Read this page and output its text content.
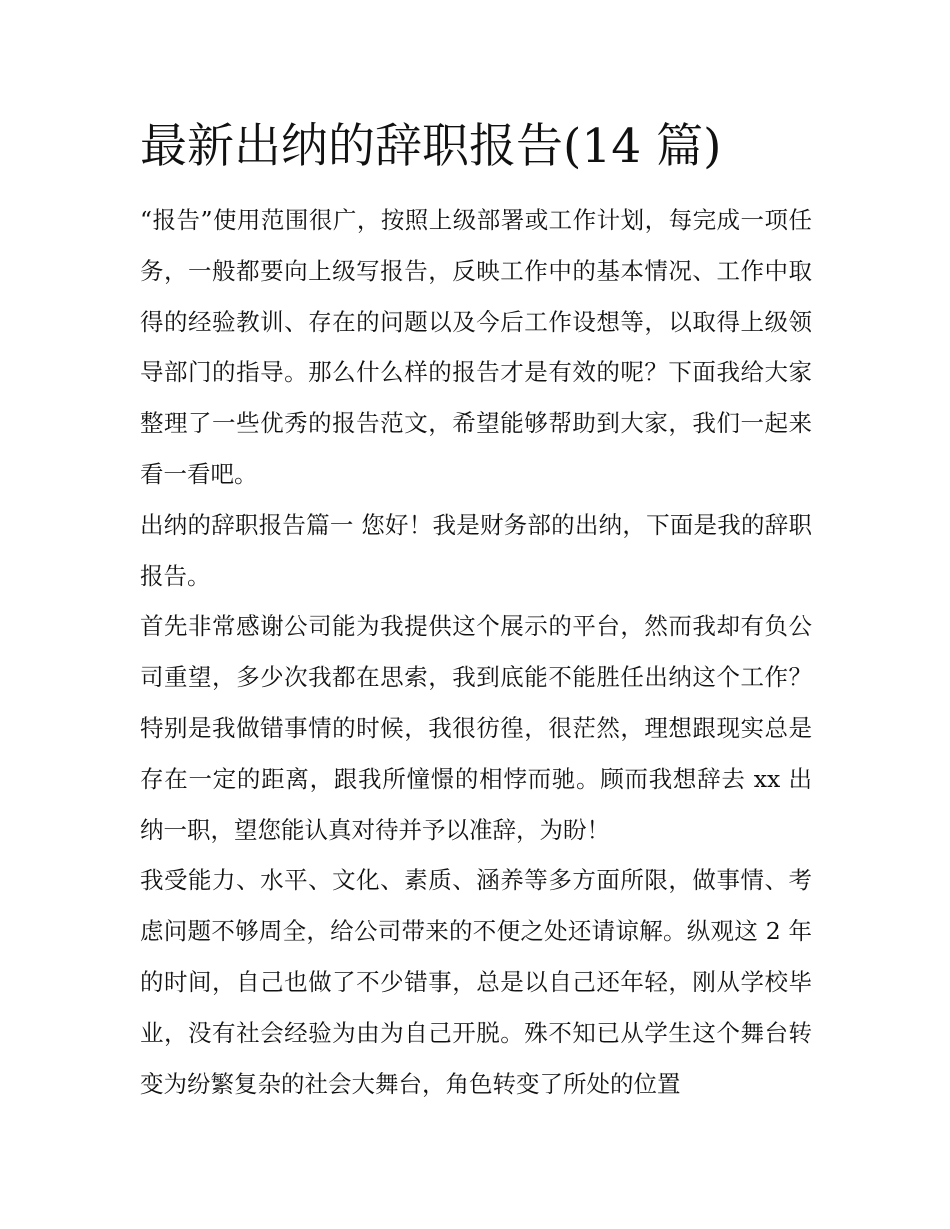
最新出纳的辞职报告(14 篇)

“报告”使用范围很广，按照上级部署或工作计划，每完成一项任务，一般都要向上级写报告，反映工作中的基本情况、工作中取得的经验教训、存在的问题以及今后工作设想等，以取得上级领导部门的指导。那么什么样的报告才是有效的呢？下面我给大家整理了一些优秀的报告范文，希望能够帮助到大家，我们一起来看一看吧。

出纳的辞职报告篇一 您好！我是财务部的出纳，下面是我的辞职报告。

首先非常感谢公司能为我提供这个展示的平台，然而我却有负公司重望，多少次我都在思索，我到底能不能胜任出纳这个工作？特别是我做错事情的时候，我很彷徨，很茫然，理想跟现实总是存在一定的距离，跟我所憧憬的相悖而驰。顾而我想辞去 xx 出纳一职，望您能认真对待并予以准辞，为盼！

我受能力、水平、文化、素质、涵养等多方面所限，做事情、考虑问题不够周全，给公司带来的不便之处还请谅解。纵观这 2 年的时间，自己也做了不少错事，总是以自己还年轻，刚从学校毕业，没有社会经验为由为自己开脱。殊不知已从学生这个舞台转变为纷繁复杂的社会大舞台，角色转变了所处的位置
